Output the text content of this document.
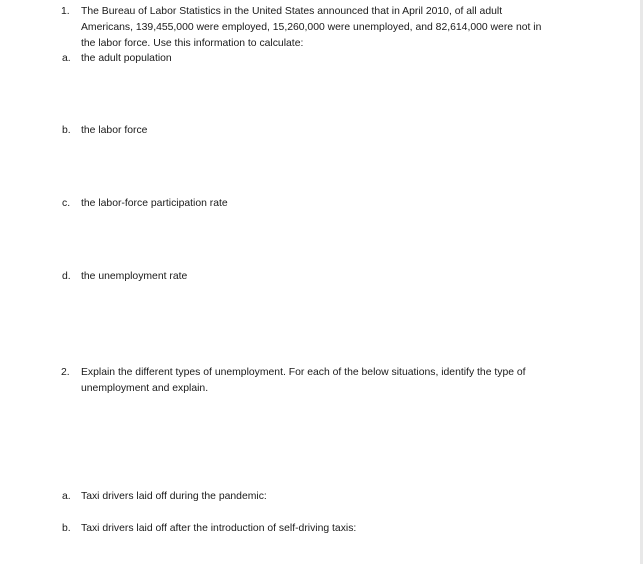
1. The Bureau of Labor Statistics in the United States announced that in April 2010, of all adult
Americans, 139,455,000 were employed, 15,260,000 were unemployed, and 82,614,000 were not in
the labor force. Use this information to calculate:
a. the adult population
b. the labor force
c. the labor-force participation rate
d. the unemployment rate
2. Explain the different types of unemployment. For each of the below situations, identify the type of
unemployment and explain.
a. Taxi drivers laid off during the pandemic:
b. Taxi drivers laid off after the introduction of self-driving taxis:
